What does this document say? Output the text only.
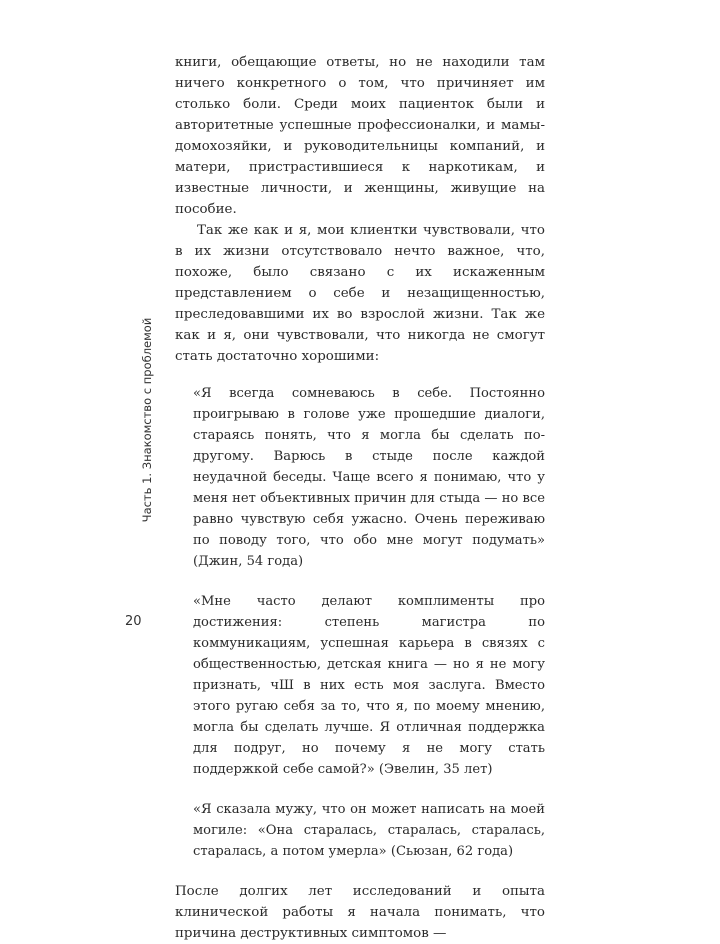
Часть 1. Знакомство с проблемой

книги, обещающие ответы, но не находили там ничего конкретного о том, что причиняет им столько боли. Среди моих пациенток были и авторитетные успешные профессионалки, и мамы-домохозяйки, и руководительницы компаний, и матери, пристрастившиеся к наркотикам, и известные личности, и женщины, живущие на пособие.

Так же как и я, мои клиентки чувствовали, что в их жизни отсутствовало нечто важное, что, похоже, было связано с их искаженным представлением о себе и незащищенностью, преследовавшими их во взрослой жизни. Так же как и я, они чувствовали, что никогда не смогут стать достаточно хорошими:

«Я всегда сомневаюсь в себе. Постоянно проигрываю в голове уже прошедшие диалоги, стараясь понять, что я могла бы сделать по-другому. Варюсь в стыде после каждой неудачной беседы. Чаще всего я понимаю, что у меня нет объективных причин для стыда — но все равно чувствую себя ужасно. Очень переживаю по поводу того, что обо мне могут подумать» (Джин, 54 года)

«Мне часто делают комплименты про достижения: степень магистра по коммуникациям, успешная карьера в связях с общественностью, детская книга — но я не могу признать, чШ в них есть моя заслуга. Вместо этого ругаю себя за то, что я, по моему мнению, могла бы сделать лучше. Я отличная поддержка для подруг, но почему я не могу стать поддержкой себе самой?» (Эвелин, 35 лет)

«Я сказала мужу, что он может написать на моей могиле: «Она старалась, старалась, старалась, старалась, а потом умерла» (Сьюзан, 62 года)

После долгих лет исследований и опыта клинической работы я начала понимать, что причина деструктивных симптомов —

20
